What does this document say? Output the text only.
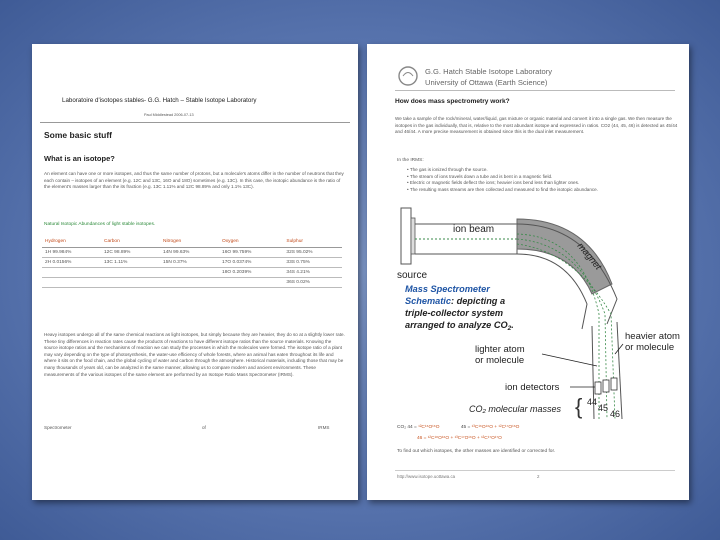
Laboratoire d'isotopes stables- G.G. Hatch – Stable Isotope Laboratory
Paul Middlestead 2006-07-13
Some basic stuff
What is an isotope?
An element can have one or more isotopes, and thus the same number of protons, but a molecule's atoms differ in the number of neutrons that they each contain – isotopes of an element (e.g. 12C and 13C, 16O and 18O) sometimes (e.g. 13C). In this case, the isotopic abundance is the ratio of the element's masses larger than the its fraction (e.g. 13C 1.11% and 12C 98.89% and only 1.1% 13C).
Natural Isotopic Abundances of light stable isotopes.
Hydrogen	Carbon	Nitrogen	Oxygen	Sulphur
1H 99.984%	12C 98.89%	14N 99.63%	16O 99.759%	32S 95.02%
2H 0.0156%	13C 1.11%	15N 0.37%	17O 0.0374%	33S 0.75%
			18O 0.2039%	34S 4.21%
				36S 0.02%
Heavy isotopes undergo all of the same chemical reactions as light isotopes, but simply because they are heavier, they do so at a slightly lower rate. These tiny differences in reaction rates cause the products of reactions to have different isotope ratios than the source materials. Knowing the source isotope ratios and the mechanisms of reaction we can study the processes in which the molecules were formed. The isotope ratio of a plant may vary depending on the type of photosynthesis, the water-use efficiency of whole forests, where an animal has eaten throughout its life and where it sits on the food chain, and the global cycling of water and carbon through the atmosphere. Historical materials, including those that may be many thousands of years old, can be analyzed in the same manner, allowing us to compare modern and ancient environments. These measurements of the various isotopes of the same element are performed by an Isotope Ratio Mass Spectrometer (IRMS).
Spectrometer	of	IRMS
G.G. Hatch Stable Isotope Laboratory
University of Ottawa (Earth Science)
How does mass spectrometry work?
We take a sample of the rock/mineral, water/liquid, gas mixture or organic material and convert it into a single gas. We then measure the isotopes in the gas individually, that is, relative to the most abundant isotope and expressed in ratios. CO2 (44, 45, 46) is detected as 45/44 and 46/44. A more precise measurement is obtained since this is the dual inlet measurement.
In the IRMS:
• The gas is ionized through the source.
• The stream of ions travels down a tube and is bent in a magnetic field.
• Electric or magnetic fields deflect the ions; heavier ions bend less than lighter ones.
• The resulting mass streams are then collected and measured to find the isotopic abundance.
ion beam
source
magnet
Mass Spectrometer
Schematic: depicting a
triple-collector system
arranged to analyze $CO_2$.
heavier atom
or molecule
lighter atom
or molecule
ion detectors
CO₂ molecular masses { 44
45
46
CO₂ 44 = ¹²C¹⁶O¹⁶O	45 = ¹³C¹⁶O¹⁶O + ¹²C¹⁷O¹⁶O
46 = ¹²C¹⁸O¹⁶O + ¹³C¹⁷O¹⁶O + ¹²C¹⁷O¹⁷O
To find out which isotopes, the other masses are identified or corrected for.
http://www.isotope.uottawa.ca	2
